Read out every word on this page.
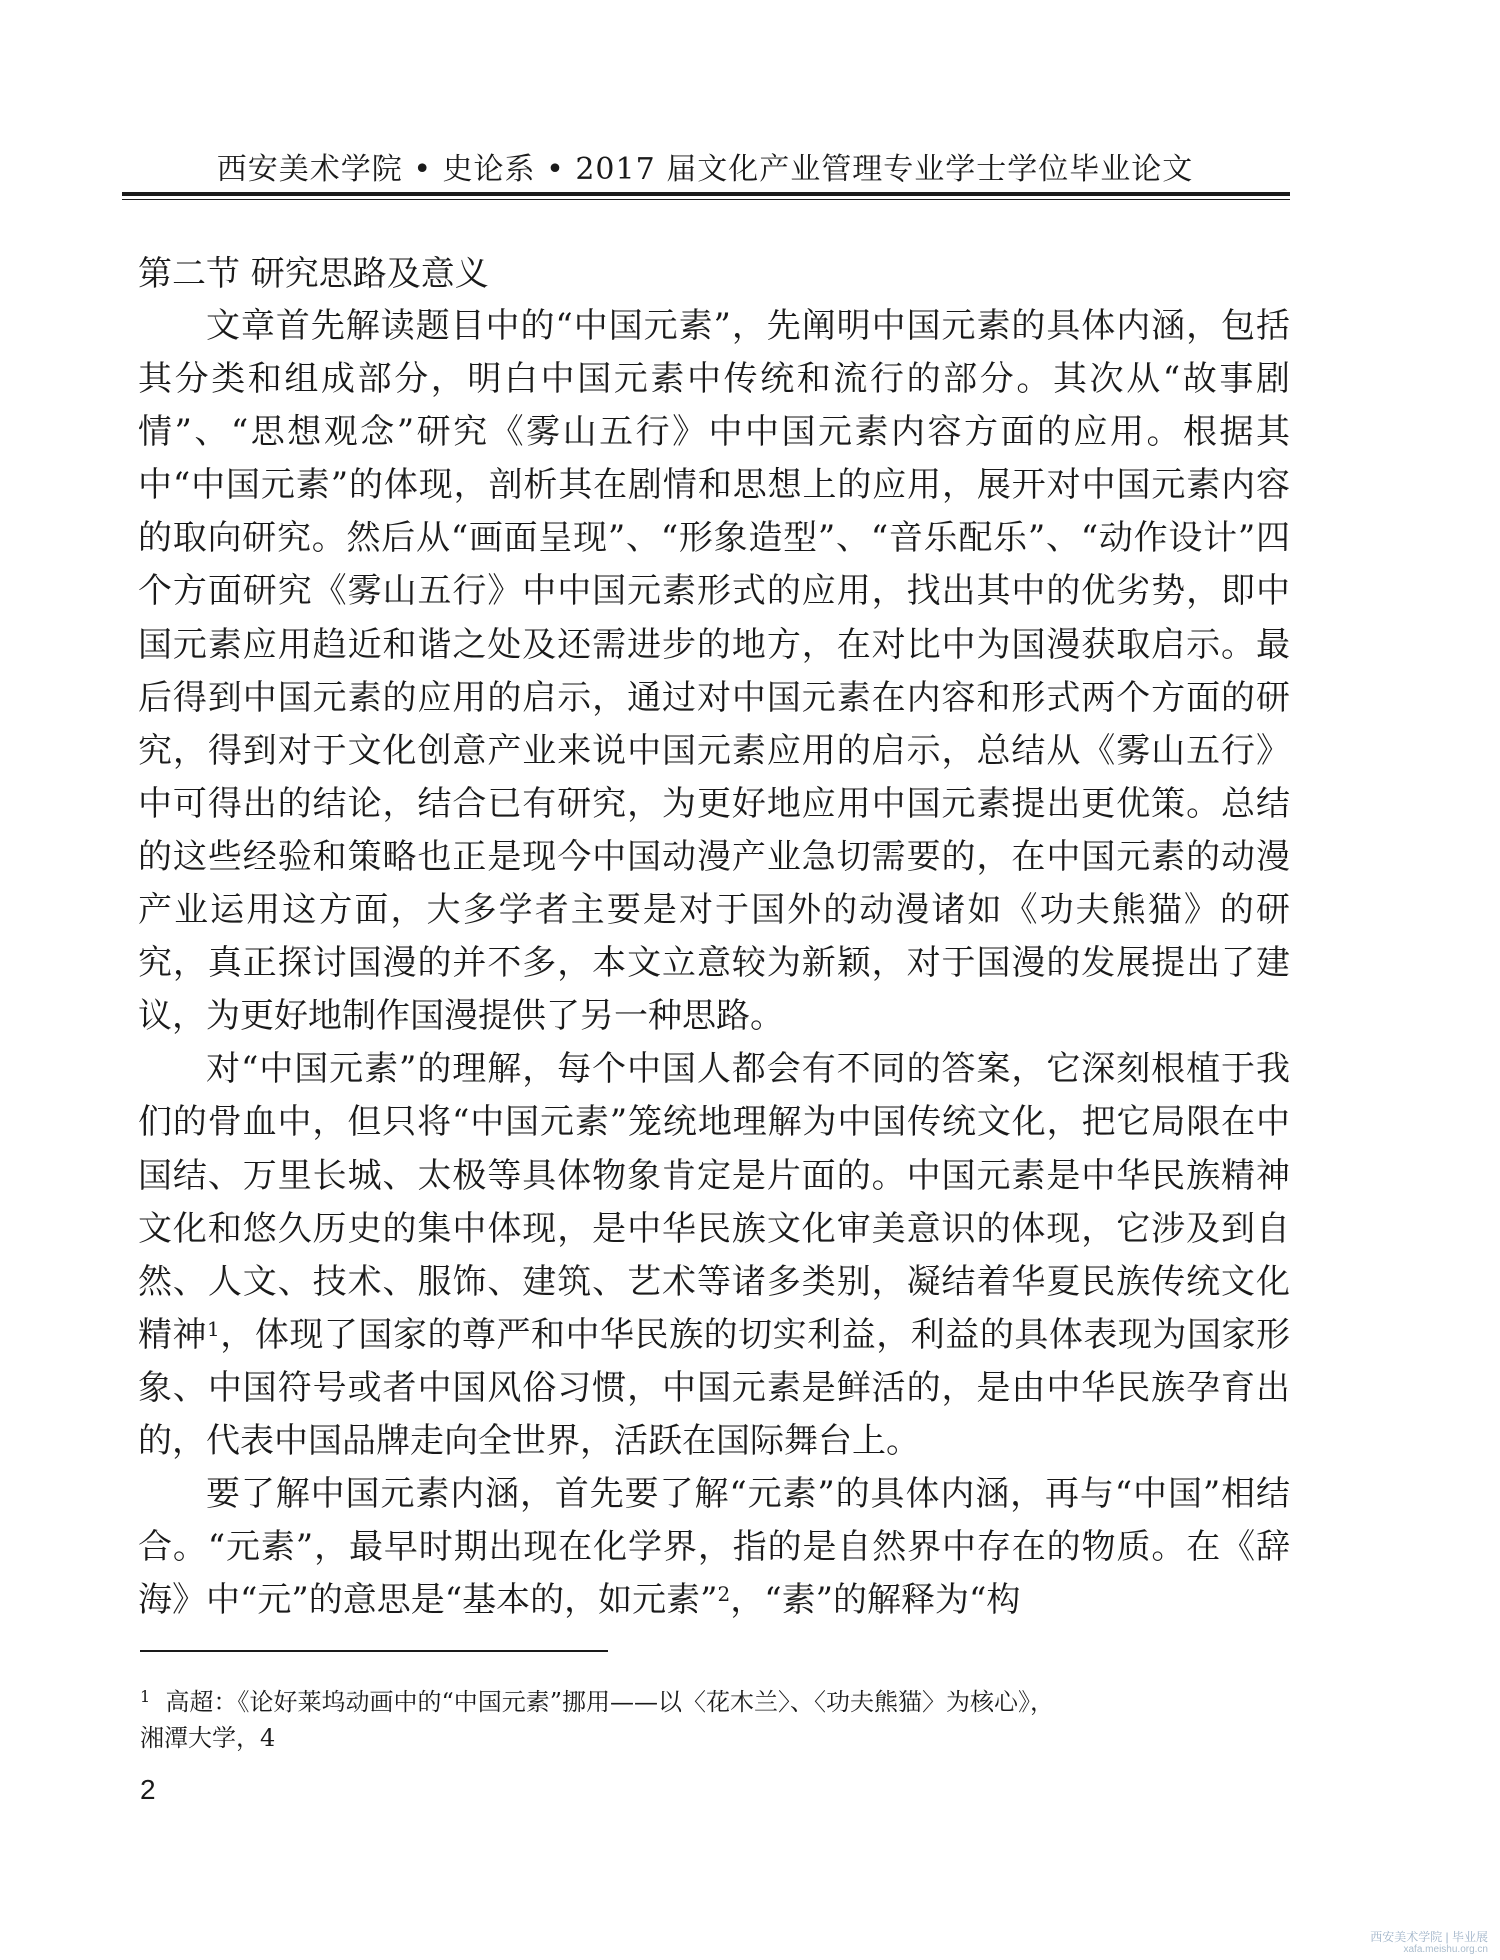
西安美术学院 • 史论系 • 2017 届文化产业管理专业学士学位毕业论文
第二节 研究思路及意义

文章首先解读题目中的“中国元素”，先阐明中国元素的具体内涵，包括其分类和组成部分，明白中国元素中传统和流行的部分。其次从“故事剧情”、“思想观念”研究《雾山五行》中中国元素内容方面的应用。根据其中“中国元素”的体现，剖析其在剧情和思想上的应用，展开对中国元素内容的取向研究。然后从“画面呈现”、“形象造型”、“音乐配乐”、“动作设计”四个方面研究《雾山五行》中中国元素形式的应用，找出其中的优劣势，即中国元素应用趋近和谐之处及还需进步的地方，在对比中为国漫获取启示。最后得到中国元素的应用的启示，通过对中国元素在内容和形式两个方面的研究，得到对于文化创意产业来说中国元素应用的启示，总结从《雾山五行》中可得出的结论，结合已有研究，为更好地应用中国元素提出更优策。总结的这些经验和策略也正是现今中国动漫产业急切需要的，在中国元素的动漫产业运用这方面，大多学者主要是对于国外的动漫诸如《功夫熊猫》的研究，真正探讨国漫的并不多，本文立意较为新颖，对于国漫的发展提出了建议，为更好地制作国漫提供了另一种思路。

对“中国元素”的理解，每个中国人都会有不同的答案，它深刻根植于我们的骨血中，但只将“中国元素”笼统地理解为中国传统文化，把它局限在中国结、万里长城、太极等具体物象肯定是片面的。中国元素是中华民族精神文化和悠久历史的集中体现，是中华民族文化审美意识的体现，它涉及到自然、人文、技术、服饰、建筑、艺术等诸多类别，凝结着华夏民族传统文化精神$^1$，体现了国家的尊严和中华民族的切实利益，利益的具体表现为国家形象、中国符号或者中国风俗习惯，中国元素是鲜活的，是由中华民族孕育出的，代表中国品牌走向全世界，活跃在国际舞台上。

要了解中国元素内涵，首先要了解“元素”的具体内涵，再与“中国”相结合。“元素”，最早时期出现在化学界，指的是自然界中存在的物质。在《辞海》中“元”的意思是“基本的，如元素”$^2$，“素”的解释为“构

$^1$ 高超：《论好莱坞动画中的“中国元素”挪用——以〈花木兰〉、〈功夫熊猫〉为核心》，
湘潭大学，4
2
西安美术学院 | 毕业展
xafa.meishu.org.cn
